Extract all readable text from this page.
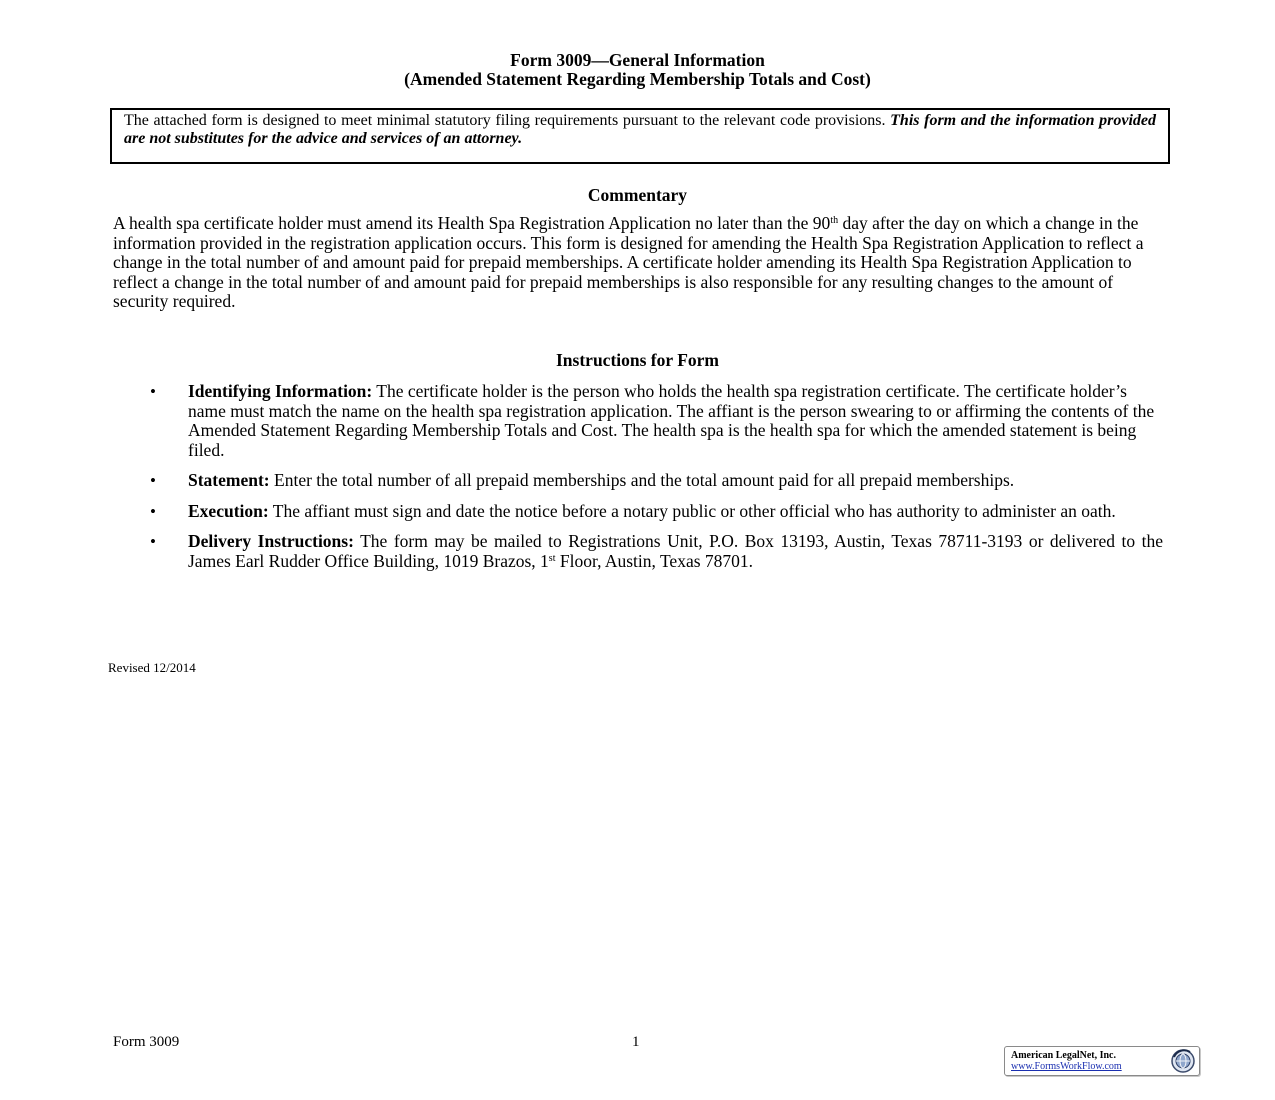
Form 3009—General Information
(Amended Statement Regarding Membership Totals and Cost)
The attached form is designed to meet minimal statutory filing requirements pursuant to the relevant code provisions. This form and the information provided are not substitutes for the advice and services of an attorney.
Commentary

A health spa certificate holder must amend its Health Spa Registration Application no later than the 90th day after the day on which a change in the information provided in the registration application occurs. This form is designed for amending the Health Spa Registration Application to reflect a change in the total number of and amount paid for prepaid memberships. A certificate holder amending its Health Spa Registration Application to reflect a change in the total number of and amount paid for prepaid memberships is also responsible for any resulting changes to the amount of security required.

Instructions for Form
• Identifying Information: The certificate holder is the person who holds the health spa registration certificate. The certificate holder’s name must match the name on the health spa registration application. The affiant is the person swearing to or affirming the contents of the Amended Statement Regarding Membership Totals and Cost. The health spa is the health spa for which the amended statement is being filed.
• Statement: Enter the total number of all prepaid memberships and the total amount paid for all prepaid memberships.
• Execution: The affiant must sign and date the notice before a notary public or other official who has authority to administer an oath.
• Delivery Instructions: The form may be mailed to Registrations Unit, P.O. Box 13193, Austin, Texas 78711-3193 or delivered to the James Earl Rudder Office Building, 1019 Brazos, 1st Floor, Austin, Texas 78701.
Revised 12/2014
Form 3009	1
American LegalNet, Inc.
www.FormsWorkFlow.com
